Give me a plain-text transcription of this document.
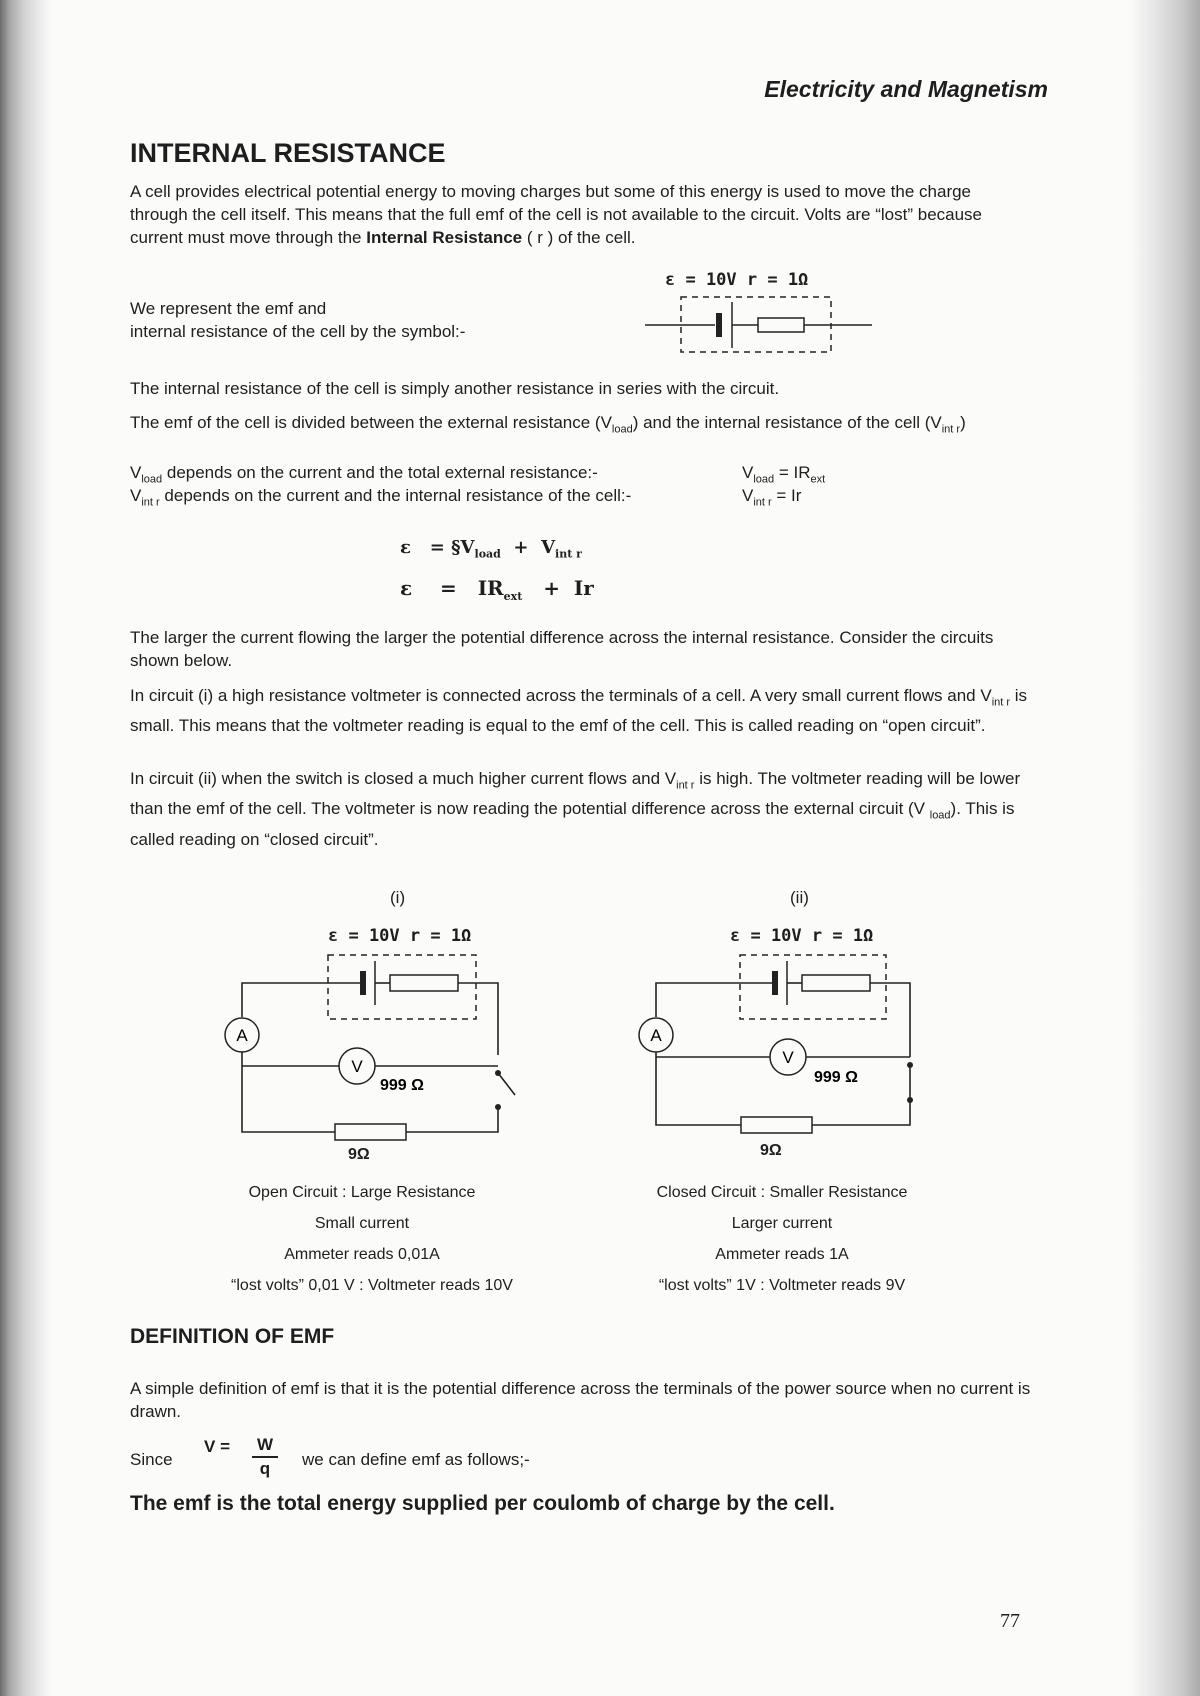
Electricity and Magnetism
INTERNAL RESISTANCE

A cell provides electrical potential energy to moving charges but some of this energy is used to move the charge through the cell itself. This means that the full emf of the cell is not available to the circuit. Volts are “lost” because current must move through the Internal Resistance ( r ) of the cell.

ε = 10V r = 1Ω

We represent the emf and
internal resistance of the cell by the symbol:-

The internal resistance of the cell is simply another resistance in series with the circuit.

The emf of the cell is divided between the external resistance $(V_{load})$ and the internal resistance of the cell $(V_{int r})$

$V_{load}$ depends on the current and the total external resistance:-	$V_{load} = IR_{ext}$
$V_{int r}$ depends on the current and the internal resistance of the cell:-	$V_{int r} = Ir$
$\varepsilon = \S V_{load} + V_{int r}$
$\varepsilon = IR_{ext} + Ir$

The larger the current flowing the larger the potential difference across the internal resistance. Consider the circuits shown below.

In circuit (i) a high resistance voltmeter is connected across the terminals of a cell. A very small current flows and $V_{int r}$ is small. This means that the voltmeter reading is equal to the emf of the cell. This is called reading on “open circuit”.

In circuit (ii) when the switch is closed a much higher current flows and $V_{int r}$ is high. The voltmeter reading will be lower than the emf of the cell. The voltmeter is now reading the potential difference across the external circuit (V $_{load}$). This is called reading on “closed circuit”.

(i)
ε = 10V r = 1Ω
A
V
999 Ω
9Ω
Open Circuit : Large Resistance
Small current
Ammeter reads 0,01A
“lost volts” 0,01 V : Voltmeter reads 10V
(ii)
ε = 10V r = 1Ω
A
V
999 Ω
9Ω
Closed Circuit : Smaller Resistance
Larger current
Ammeter reads 1A
“lost volts” 1V : Voltmeter reads 9V
DEFINITION OF EMF

A simple definition of emf is that it is the potential difference across the terminals of the power source when no current is drawn.

Since
$V = \frac{W}{q}$ we can define emf as follows;-

The emf is the total energy supplied per coulomb of charge by the cell.

77
